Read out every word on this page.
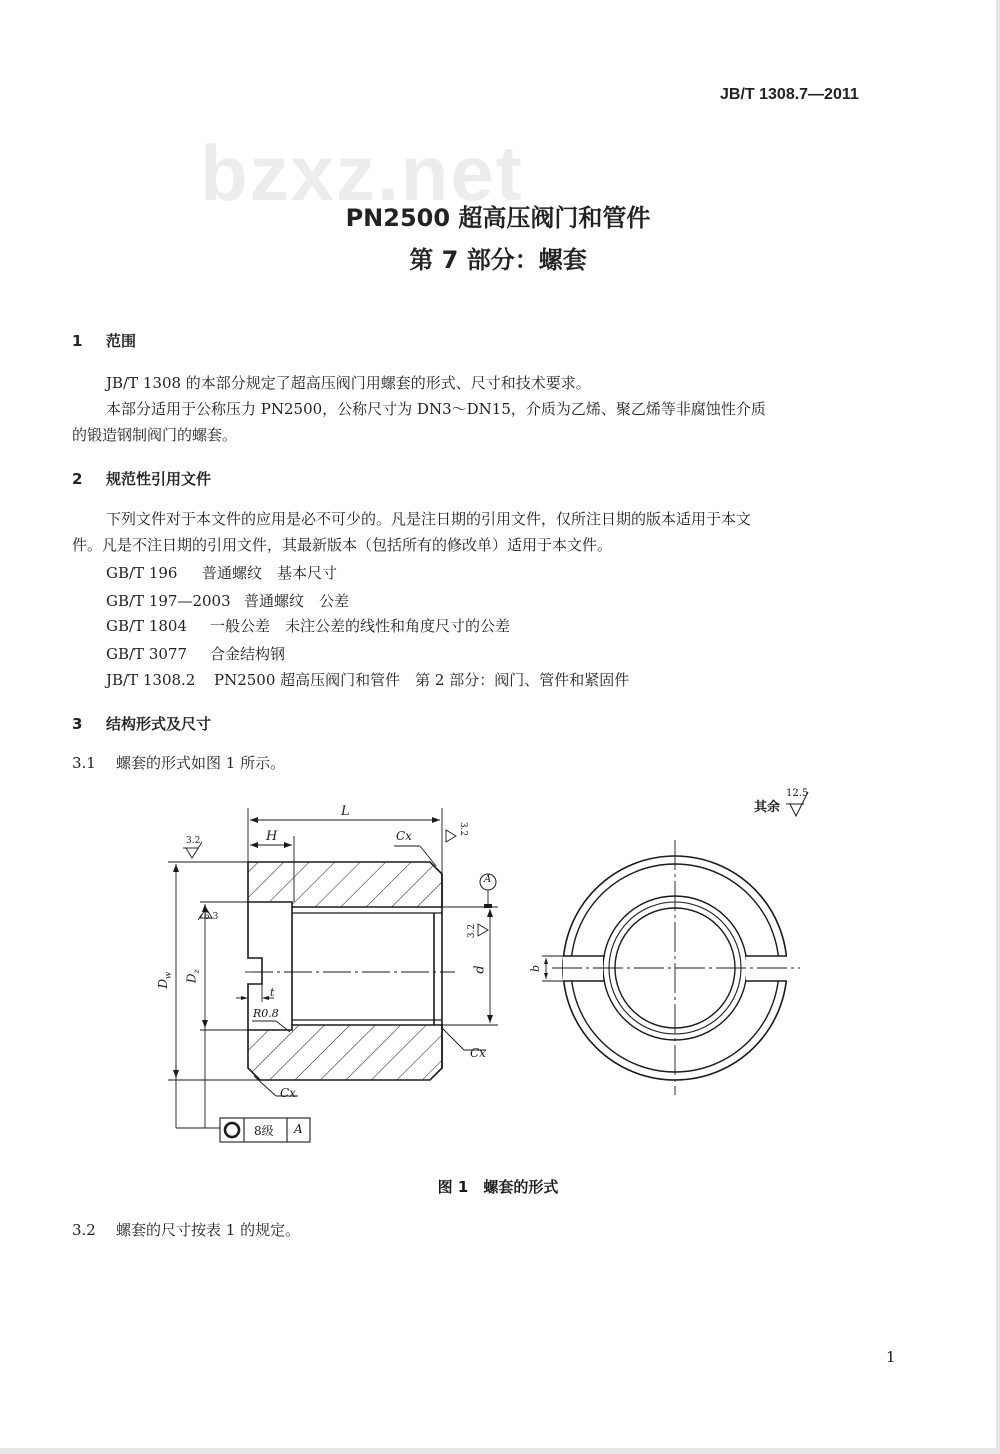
JB/T 1308.7—2011
bzxz.net
PN2500 超高压阀门和管件
第 7 部分：螺套
1 范围
JB/T 1308 的本部分规定了超高压阀门用螺套的形式、尺寸和技术要求。
本部分适用于公称压力 PN2500，公称尺寸为 DN3～DN15，介质为乙烯、聚乙烯等非腐蚀性介质
的锻造钢制阀门的螺套。
2 规范性引用文件
下列文件对于本文件的应用是必不可少的。凡是注日期的引用文件，仅所注日期的版本适用于本文
件。凡是不注日期的引用文件，其最新版本（包括所有的修改单）适用于本文件。
GB/T 196 普通螺纹　基本尺寸
GB/T 197—2003 普通螺纹　公差
GB/T 1804 一般公差　未注公差的线性和角度尺寸的公差
GB/T 3077 合金结构钢
JB/T 1308.2 PN2500 超高压阀门和管件　第 2 部分：阀门、管件和紧固件
3 结构形式及尺寸
3.1 螺套的形式如图 1 所示。
L
H	Cx
Cx
Cx
$D_w$ $D_z$	d
t
R0.8
A
b
3.2
6.3
3.2
3.2
其余
12.5
8级 A
图 1　螺套的形式
3.2 螺套的尺寸按表 1 的规定。
1
